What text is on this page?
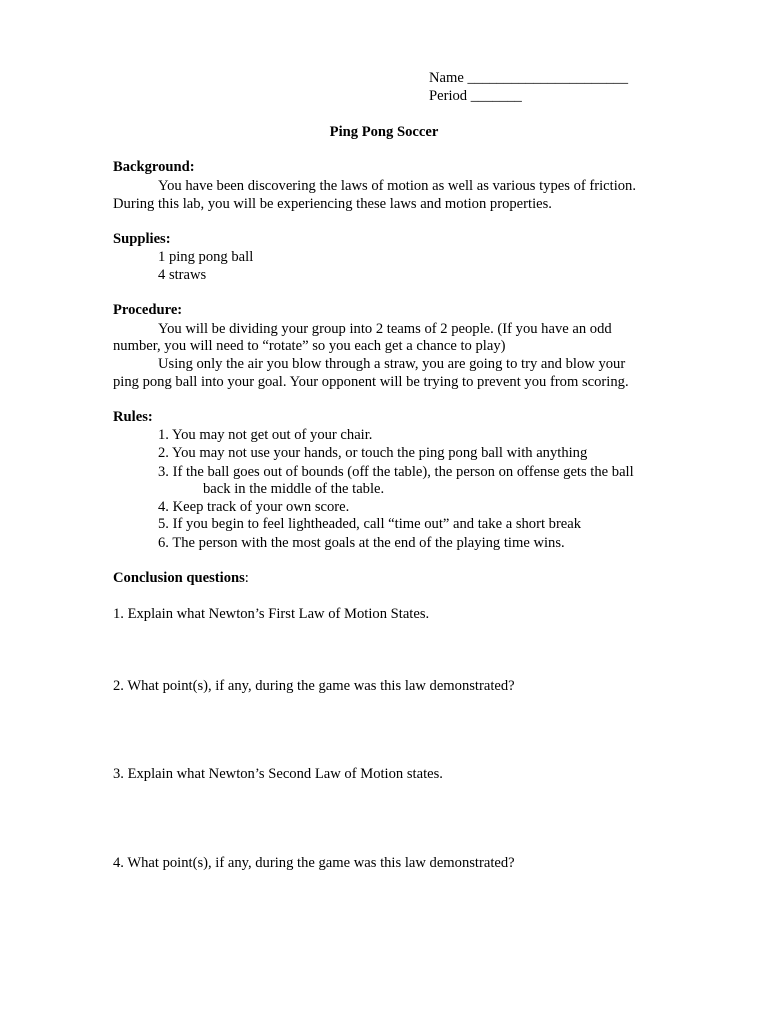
Name ______________________
Period _______
Ping Pong Soccer
Background:
You have been discovering the laws of motion as well as various types of friction.
During this lab, you will be experiencing these laws and motion properties.
Supplies:
1 ping pong ball
4 straws
Procedure:
You will be dividing your group into 2 teams of 2 people. (If you have an odd
number, you will need to “rotate” so you each get a chance to play)
Using only the air you blow through a straw, you are going to try and blow your
ping pong ball into your goal. Your opponent will be trying to prevent you from scoring.
Rules:
1. You may not get out of your chair.
2. You may not use your hands, or touch the ping pong ball with anything
3. If the ball goes out of bounds (off the table), the person on offense gets the ball
back in the middle of the table.
4. Keep track of your own score.
5. If you begin to feel lightheaded, call “time out” and take a short break
6. The person with the most goals at the end of the playing time wins.
Conclusion questions:
1. Explain what Newton’s First Law of Motion States.
2. What point(s), if any, during the game was this law demonstrated?
3. Explain what Newton’s Second Law of Motion states.
4. What point(s), if any, during the game was this law demonstrated?
